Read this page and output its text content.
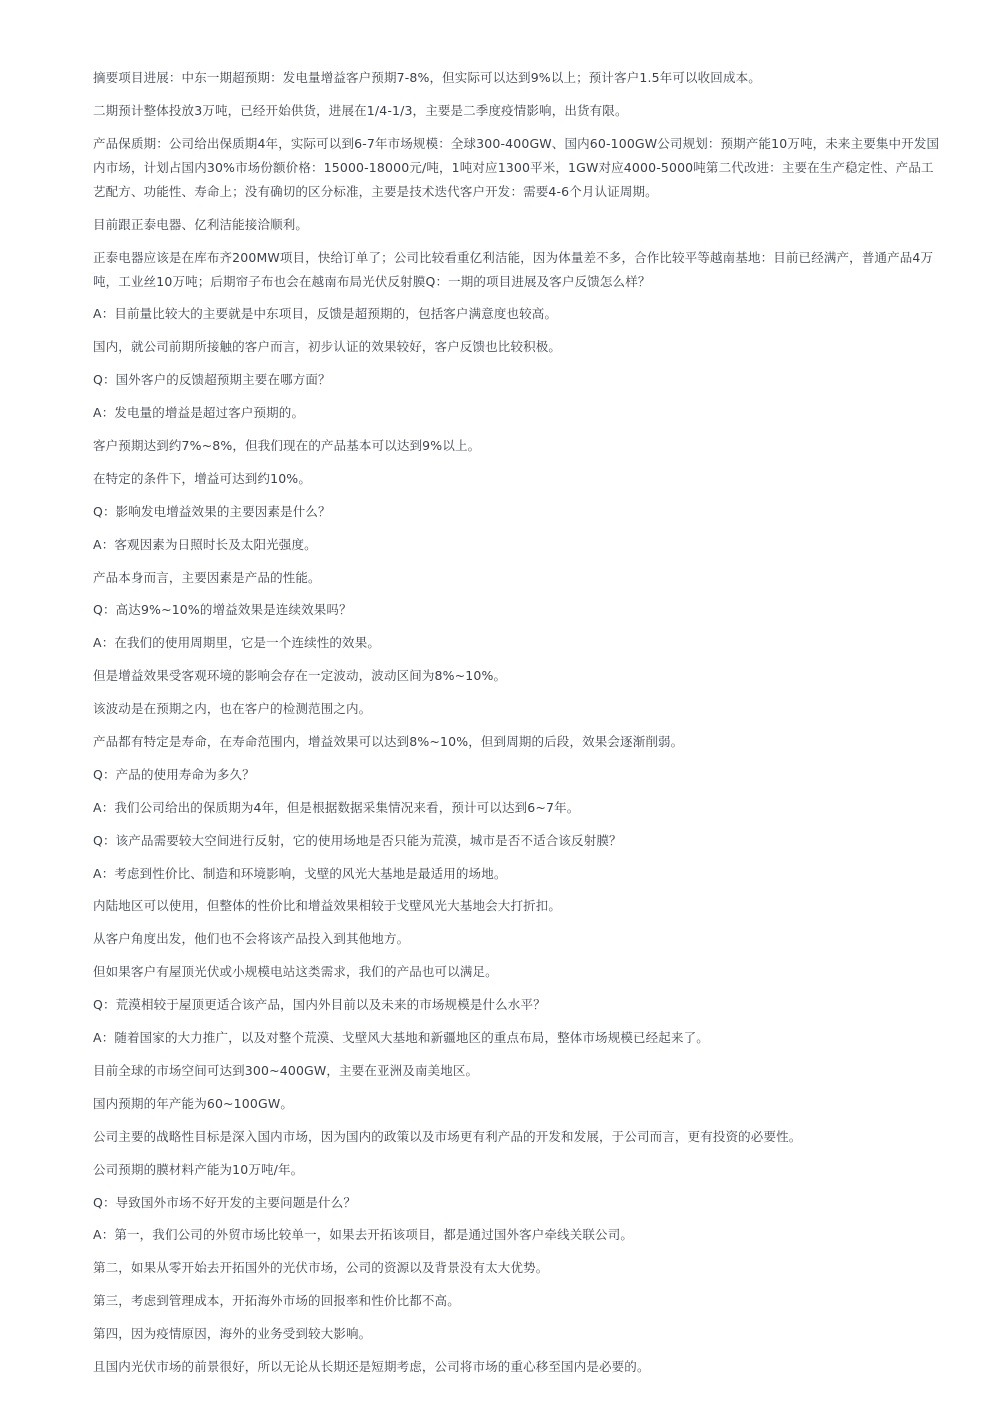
摘要项目进展：中东一期超预期：发电量增益客户预期7-8%，但实际可以达到9%以上；预计客户1.5年可以收回成本。

二期预计整体投放3万吨，已经开始供货，进展在1/4-1/3，主要是二季度疫情影响，出货有限。

产品保质期：公司给出保质期4年，实际可以到6-7年市场规模：全球300-400GW、国内60-100GW公司规划：预期产能10万吨，未来主要集中开发国内市场，计划占国内30%市场份额价格：15000-18000元/吨，1吨对应1300平米，1GW对应4000-5000吨第二代改进：主要在生产稳定性、产品工艺配方、功能性、寿命上；没有确切的区分标准，主要是技术迭代客户开发：需要4-6个月认证周期。

目前跟正泰电器、亿利洁能接洽顺利。

正泰电器应该是在库布齐200MW项目，快给订单了；公司比较看重亿利洁能，因为体量差不多，合作比较平等越南基地：目前已经满产，普通产品4万吨，工业丝10万吨；后期帘子布也会在越南布局光伏反射膜Q：一期的项目进展及客户反馈怎么样？

A：目前量比较大的主要就是中东项目，反馈是超预期的，包括客户满意度也较高。

国内，就公司前期所接触的客户而言，初步认证的效果较好，客户反馈也比较积极。

Q：国外客户的反馈超预期主要在哪方面？

A：发电量的增益是超过客户预期的。

客户预期达到约7%~8%，但我们现在的产品基本可以达到9%以上。

在特定的条件下，增益可达到约10%。

Q：影响发电增益效果的主要因素是什么？

A：客观因素为日照时长及太阳光强度。

产品本身而言，主要因素是产品的性能。

Q：高达9%~10%的增益效果是连续效果吗？

A：在我们的使用周期里，它是一个连续性的效果。

但是增益效果受客观环境的影响会存在一定波动，波动区间为8%~10%。

该波动是在预期之内，也在客户的检测范围之内。

产品都有特定是寿命，在寿命范围内，增益效果可以达到8%~10%，但到周期的后段，效果会逐渐削弱。

Q：产品的使用寿命为多久？

A：我们公司给出的保质期为4年，但是根据数据采集情况来看，预计可以达到6~7年。

Q：该产品需要较大空间进行反射，它的使用场地是否只能为荒漠，城市是否不适合该反射膜？

A：考虑到性价比、制造和环境影响，戈壁的风光大基地是最适用的场地。

内陆地区可以使用，但整体的性价比和增益效果相较于戈壁风光大基地会大打折扣。

从客户角度出发，他们也不会将该产品投入到其他地方。

但如果客户有屋顶光伏或小规模电站这类需求，我们的产品也可以满足。

Q：荒漠相较于屋顶更适合该产品，国内外目前以及未来的市场规模是什么水平？

A：随着国家的大力推广，以及对整个荒漠、戈壁风大基地和新疆地区的重点布局，整体市场规模已经起来了。

目前全球的市场空间可达到300~400GW，主要在亚洲及南美地区。

国内预期的年产能为60~100GW。

公司主要的战略性目标是深入国内市场，因为国内的政策以及市场更有利产品的开发和发展，于公司而言，更有投资的必要性。

公司预期的膜材料产能为10万吨/年。

Q：导致国外市场不好开发的主要问题是什么？

A：第一，我们公司的外贸市场比较单一，如果去开拓该项目，都是通过国外客户牵线关联公司。

第二，如果从零开始去开拓国外的光伏市场，公司的资源以及背景没有太大优势。

第三，考虑到管理成本，开拓海外市场的回报率和性价比都不高。

第四，因为疫情原因，海外的业务受到较大影响。

且国内光伏市场的前景很好，所以无论从长期还是短期考虑，公司将市场的重心移至国内是必要的。
